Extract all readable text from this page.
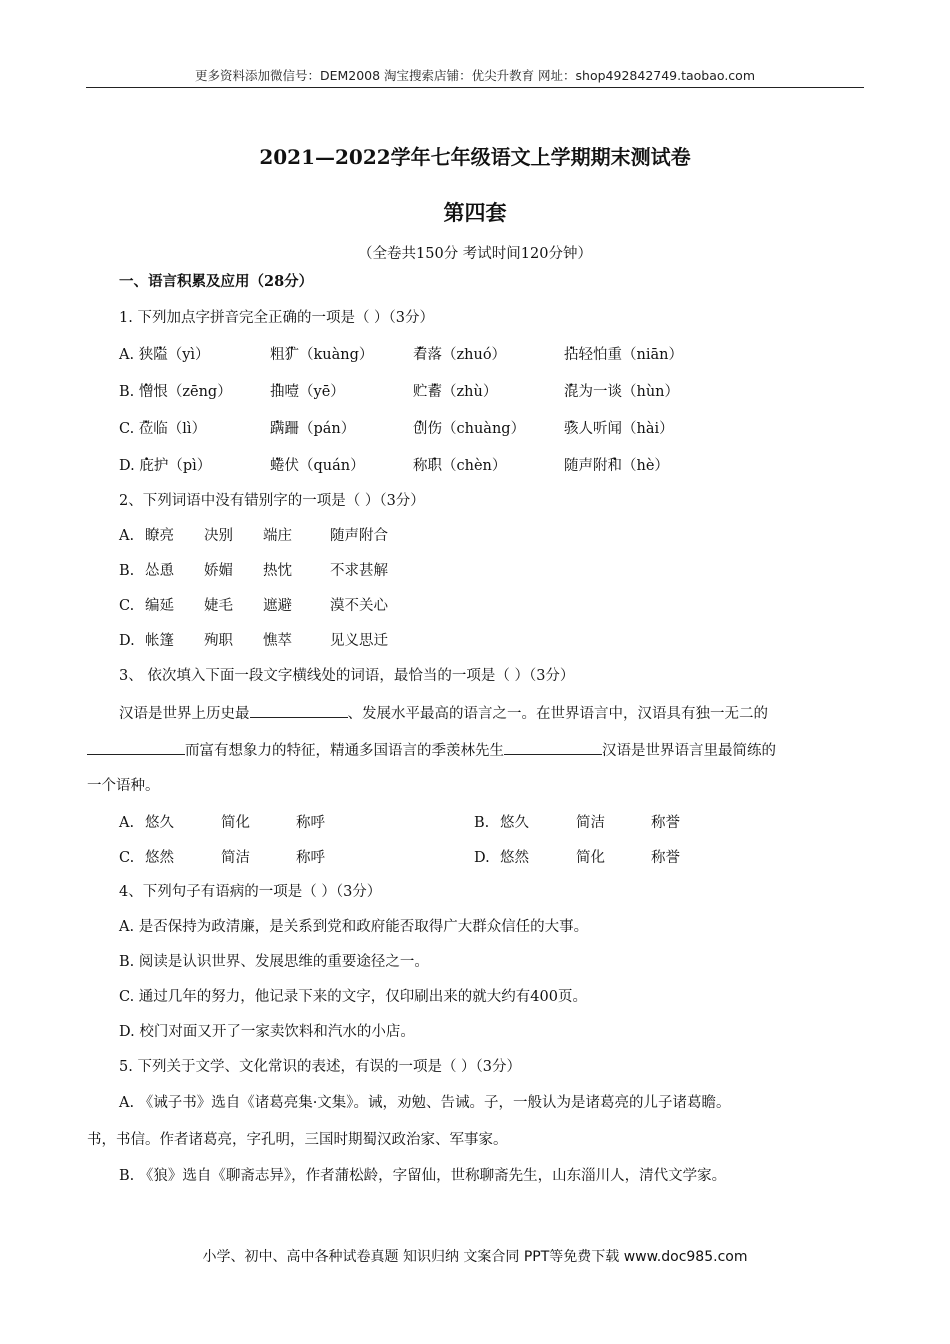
更多资料添加微信号：DEM2008 淘宝搜索店铺：优尖升教育 网址：shop492842749.taobao.com
2021—2022学年七年级语文上学期期末测试卷
第四套
（全卷共150分 考试时间120分钟）
一、语言积累及应用（28分）
1. 下列加点字拼音完全正确的一项是（ ）（3分）
A. 狭隘（yì）	粗犷（kuàng）	着落（zhuó）	拈轻怕重（niān）
B. 憎恨（zēng）	抽噎（yē）	贮蓄（zhù）	混为一谈（hùn）
C. 莅临（lì）	蹒跚（pán）	创伤（chuàng）	骇人听闻（hài）
D. 庇护（pì）	蜷伏（quán）	称职（chèn）	随声附和（hè）
2、下列词语中没有错别字的一项是（ ）（3分）
A. 瞭亮 决别 端庄	随声附合
B. 怂恿 娇媚 热忱	不求甚解
C. 编延 婕毛 遮避	漠不关心
D. 帐篷 殉职 憔萃	见义思迁
3、 依次填入下面一段文字横线处的词语，最恰当的一项是（ ）（3分）
汉语是世界上历史最	、发展水平最高的语言之一。在世界语言中，汉语具有独一无二的
而富有想象力的特征，精通多国语言的季羡林先生	汉语是世界语言里最简练的
一个语种。
A. 悠久	简化	称呼	B. 悠久	简洁	称誉
C. 悠然	简洁	称呼	D. 悠然	简化	称誉
4、下列句子有语病的一项是（ ）（3分）
A. 是否保持为政清廉，是关系到党和政府能否取得广大群众信任的大事。
B. 阅读是认识世界、发展思维的重要途径之一。
C. 通过几年的努力，他记录下来的文字，仅印刷出来的就大约有400页。
D. 校门对面又开了一家卖饮料和汽水的小店。
5. 下列关于文学、文化常识的表述，有误的一项是（ ）（3分）
A. 《诫子书》选自《诸葛亮集·文集》。诫，劝勉、告诫。子，一般认为是诸葛亮的儿子诸葛瞻。
书，书信。作者诸葛亮，字孔明，三国时期蜀汉政治家、军事家。
B. 《狼》选自《聊斋志异》，作者蒲松龄，字留仙，世称聊斋先生，山东淄川人，清代文学家。
小学、初中、高中各种试卷真题 知识归纳 文案合同 PPT等免费下载 www.doc985.com
